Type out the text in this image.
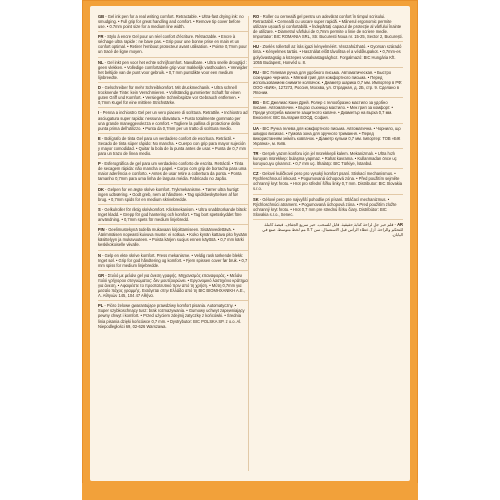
GB - Gel ink pen for a real writing comfort. Retractable. • Ultra-fast drying ink: no smudging. • Full grip for great handling and comfort. • Remove tip cover before use. • 0.7mm point size for a medium line width.

FR - Stylo à encre Gel pour un réel confort d'écriture. Rétractable. • Encre à séchage ultra rapide : ne bave pas. • Grip pour une bonne prise en main et un confort optimal. • Retirer l'embout protecteur avant utilisation. • Pointe 0,7mm pour un tracé de ligne moyen.

NL - Gel inkt pen voor het echte schrijfcomfort. Navulbare. • Ultra snelle droogtijd : geen vlekken. • Volledige comfortabele grip voor makkelijk vasthouden. • Verwijder het beltijde van de punt voor gebruik. • 0,7 mm puntdikte voor een medium lijnbreedte.

D - Gelschreiber für mehr Schreibkomfort. Mit druckmechanik. • Ultra schnell trocknende Tinte: kein Verschmieren. • Vollständig gummierter Schaft für einen guten Griff und Komfort. • Versiegelte Schreibspitze vor Gebrauch entfernen. • 0,7mm Kugel für eine mittlere Strichstärke.

I - Penna a inchiostro Gel per un vero piacere di scrittura. Retrattile. • Inchiostro ad asciugatura super rapida: nessuna sbavatura. • Fusto totalmente gommato per una grande maneggevolezza e comfort. • Togliere la pallina di protezione della punta prima dell'utilizzo. • Punta da 0,7mm per un tratto di scrittura medio.

E - Bolígrafo de tinta Gel para un verdadero confort de escritura. Retráctil. • Secado de tinta súper rápido: No mancha. • Cuerpo con grip para mayor sujeción y mayor comodidad. • Quitar la bola de la punta antes de usar. • Punta de 0,7 mm para un trazo de línea medio.

P - Esferográfica de gel para um verdadeiro conforto de escrita. Retráctil. • Tinta de secagem rápida: não mancha o papel. • Corpo com grip de borracha para uma maior aderência e conforto. • Antes de usar retire a cobertura da ponta. • Ponta tamanho 0,7mm para uma linha de largura média. Fabricado no Japão.

DK - Gelpen for en ægte skrive komfort. Trykmekanisme. • Tørrer ultra hurtigt: ingen udtværing. • Godt greb, nem at håndtere. • Tag spidsbeskyttelsen af før brug. • 0,7mm spids for en medium skrivebredde.

S - Gelkulroller för riktig skrivkomfort. Klickmekanism. • Ultra snabbtorkande bläck: Inget kladd. • Grepp för god hantering och komfort. • Tag bort spetsskyddet före användning. • 0,7mm spets för medium linjebredd.

FIN - Geelimustekynä todella mukavaan kirjoittamiseen. Sisäänvedettävä. • Äärimmäisen nopeasti kuivuva muste: ei sotkua. • Koko kynän kattava pito hyvään käsittelyyn ja mukavuuteen. • Poista kärjen suojus ennen käyttöä. • 0,7 mm kärki keskikokoiselle viivalle.

N - Gelp en ekte skrive komfort. Press mekanisme. • Veldig rask tørkende blekk: Inget søl. • Grip for god håndtering og komfort. • Fjern spissen cover før bruk. • 0,7 mm spiss for medium linjebredde.

GR - Στυλό με μελάνι gel για άνεση γραφής. Μηχανισμός επαναφοράς. • Μελάνι πολύ γρήγορου στεγνώματος: δεν μουτζουρώνει. • Εργονομικό λαστιχένιο κράτημα για άνεση. • Αφαιρέστε το προστατευτικό πριν από τη χρήση. • Μύτη 0,7mm για μεσαίο πάχος γραμμής. Εισάγεται στην Ελλάδα από τη BIC ΒΙΟΜΗΧΑΝΙΚΗ Α.Ε., Λ. Αθηνών 145, 104 47 Αθήνα.

PL - Pióro żelowe gwarantujące prawdziwy komfort pisania. Automatyczny. • Super szybkoschnący tusz: brak rozmazywania. • Gumowy uchwyt zapewniający pewny chwyt i komfort. • Przed użyciem zdejmij zatyczkę z końcówki. • Średnia linia pisania dzięki końcówce 0,7 mm. • Dystrybutor: BIC POLSKA SP. z o.o. Al. Niepodległości 69, 02-626 Warszawa.

RO - Roller cu cerneală gel pentru un adevărat confort în timpul scrisului. Retractabil. • Cerneală cu uscare super rapidă. • Mânerul ergonomic permite utilizare ușoară și confortabilă. • Îndepărtați capacul de protecție al vârfului înainte de utilizare. • Diametrul vârfului de 0,7mm permite o linie de scriere medie. Importator: BIC ROMANIA SRL, Str. Bucuresti Noua nr. 15-25, Sector 2, București.

HU - Zselés rollertoll az írás igazi kényelméért. Visszahúzható. • Gyorsan száradó tinta. • Kényelmes tartás. • Használat előtt távolítsa el a védőkupakot. • 0,7mm-es golyóvastagság a közepes vonalvastagsághoz. Forgalmazó: BIC Hungária Kft. 1055 Budapest, Honvéd u. 8.

RU - BIC Гелевая ручка для удобного письма. Автоматическая. • Быстро сохнущие чернила. • Мягкий грип для комфортного письма. • Перед использованием снимите колпачок. • Диаметр шарика 0,7 мм. Импортер в РФ: ООО «БИК», 127273, Россия, Москва, ул. Отрадная, д. 2Б, стр. 9. Сделано в Японии.

BG - BIC Джелиас Каин Дрей. Ролер с гелообразно мастило за удобно писане. Автоматичен. • Бързо съхнещо мастило. • Мек грип за комфорт. • Преди употреба махнете защитното капаче. • Диаметър на върха 0,7 мм. Вносител: BIC България ЕООД, София.

UA - BIC Ручка гелева для комфортного письма. Автоматична. • Чорнило, що швидко висихає. • Гумова зона для зручного тримання. • Перед використанням зніміть ковпачок. • Діаметр кульки 0,7 мм. Імпортер: ТОВ «БІК Україна», м. Київ.

TR - Gerçek yazım konforu için jel mürekkepli kalem. Mekanizmalı. • Ultra hızlı kuruyan mürekkep: bulaşma yapmaz. • Rahat kavrama. • Kullanmadan önce uç koruyucuyu çıkarınız. • 0,7 mm uç. İthalatçı: BIC Türkiye, İstanbul.

CZ - Gelové kuličkové pero pro vysoký komfort psaní. Stiskací mechanismus. • Rychleschnoucí inkoust. • Pogumovaná úchopová zóna. • Před použitím sejměte ochranný kryt hrotu. • Hrot pro střední šířku linky 0,7 mm. Distributor: BIC Slovakia s.r.o.

SK - Gélové pero pre najvyšší pohodlie pri písaní. Stláčací mechanizmus. • Rýchloschnúci atrament. • Pogumovaná úchopová zóna. • Pred použitím zložte ochranný kryt hrotu. • Hrot 0,7 mm pre strednú šírku čiary. Distribútor: BIC Slovakia s.r.o., Senec.

AR - قلم حبر جل لراحة كتابة حقيقية. قابل للسحب. حبر سريع الجفاف. قبضة كاملة للتحكم والراحة. أزل غطاء الرأس قبل الاستعمال. سن 0.7 مم لخط متوسط. صنع في اليابان.
